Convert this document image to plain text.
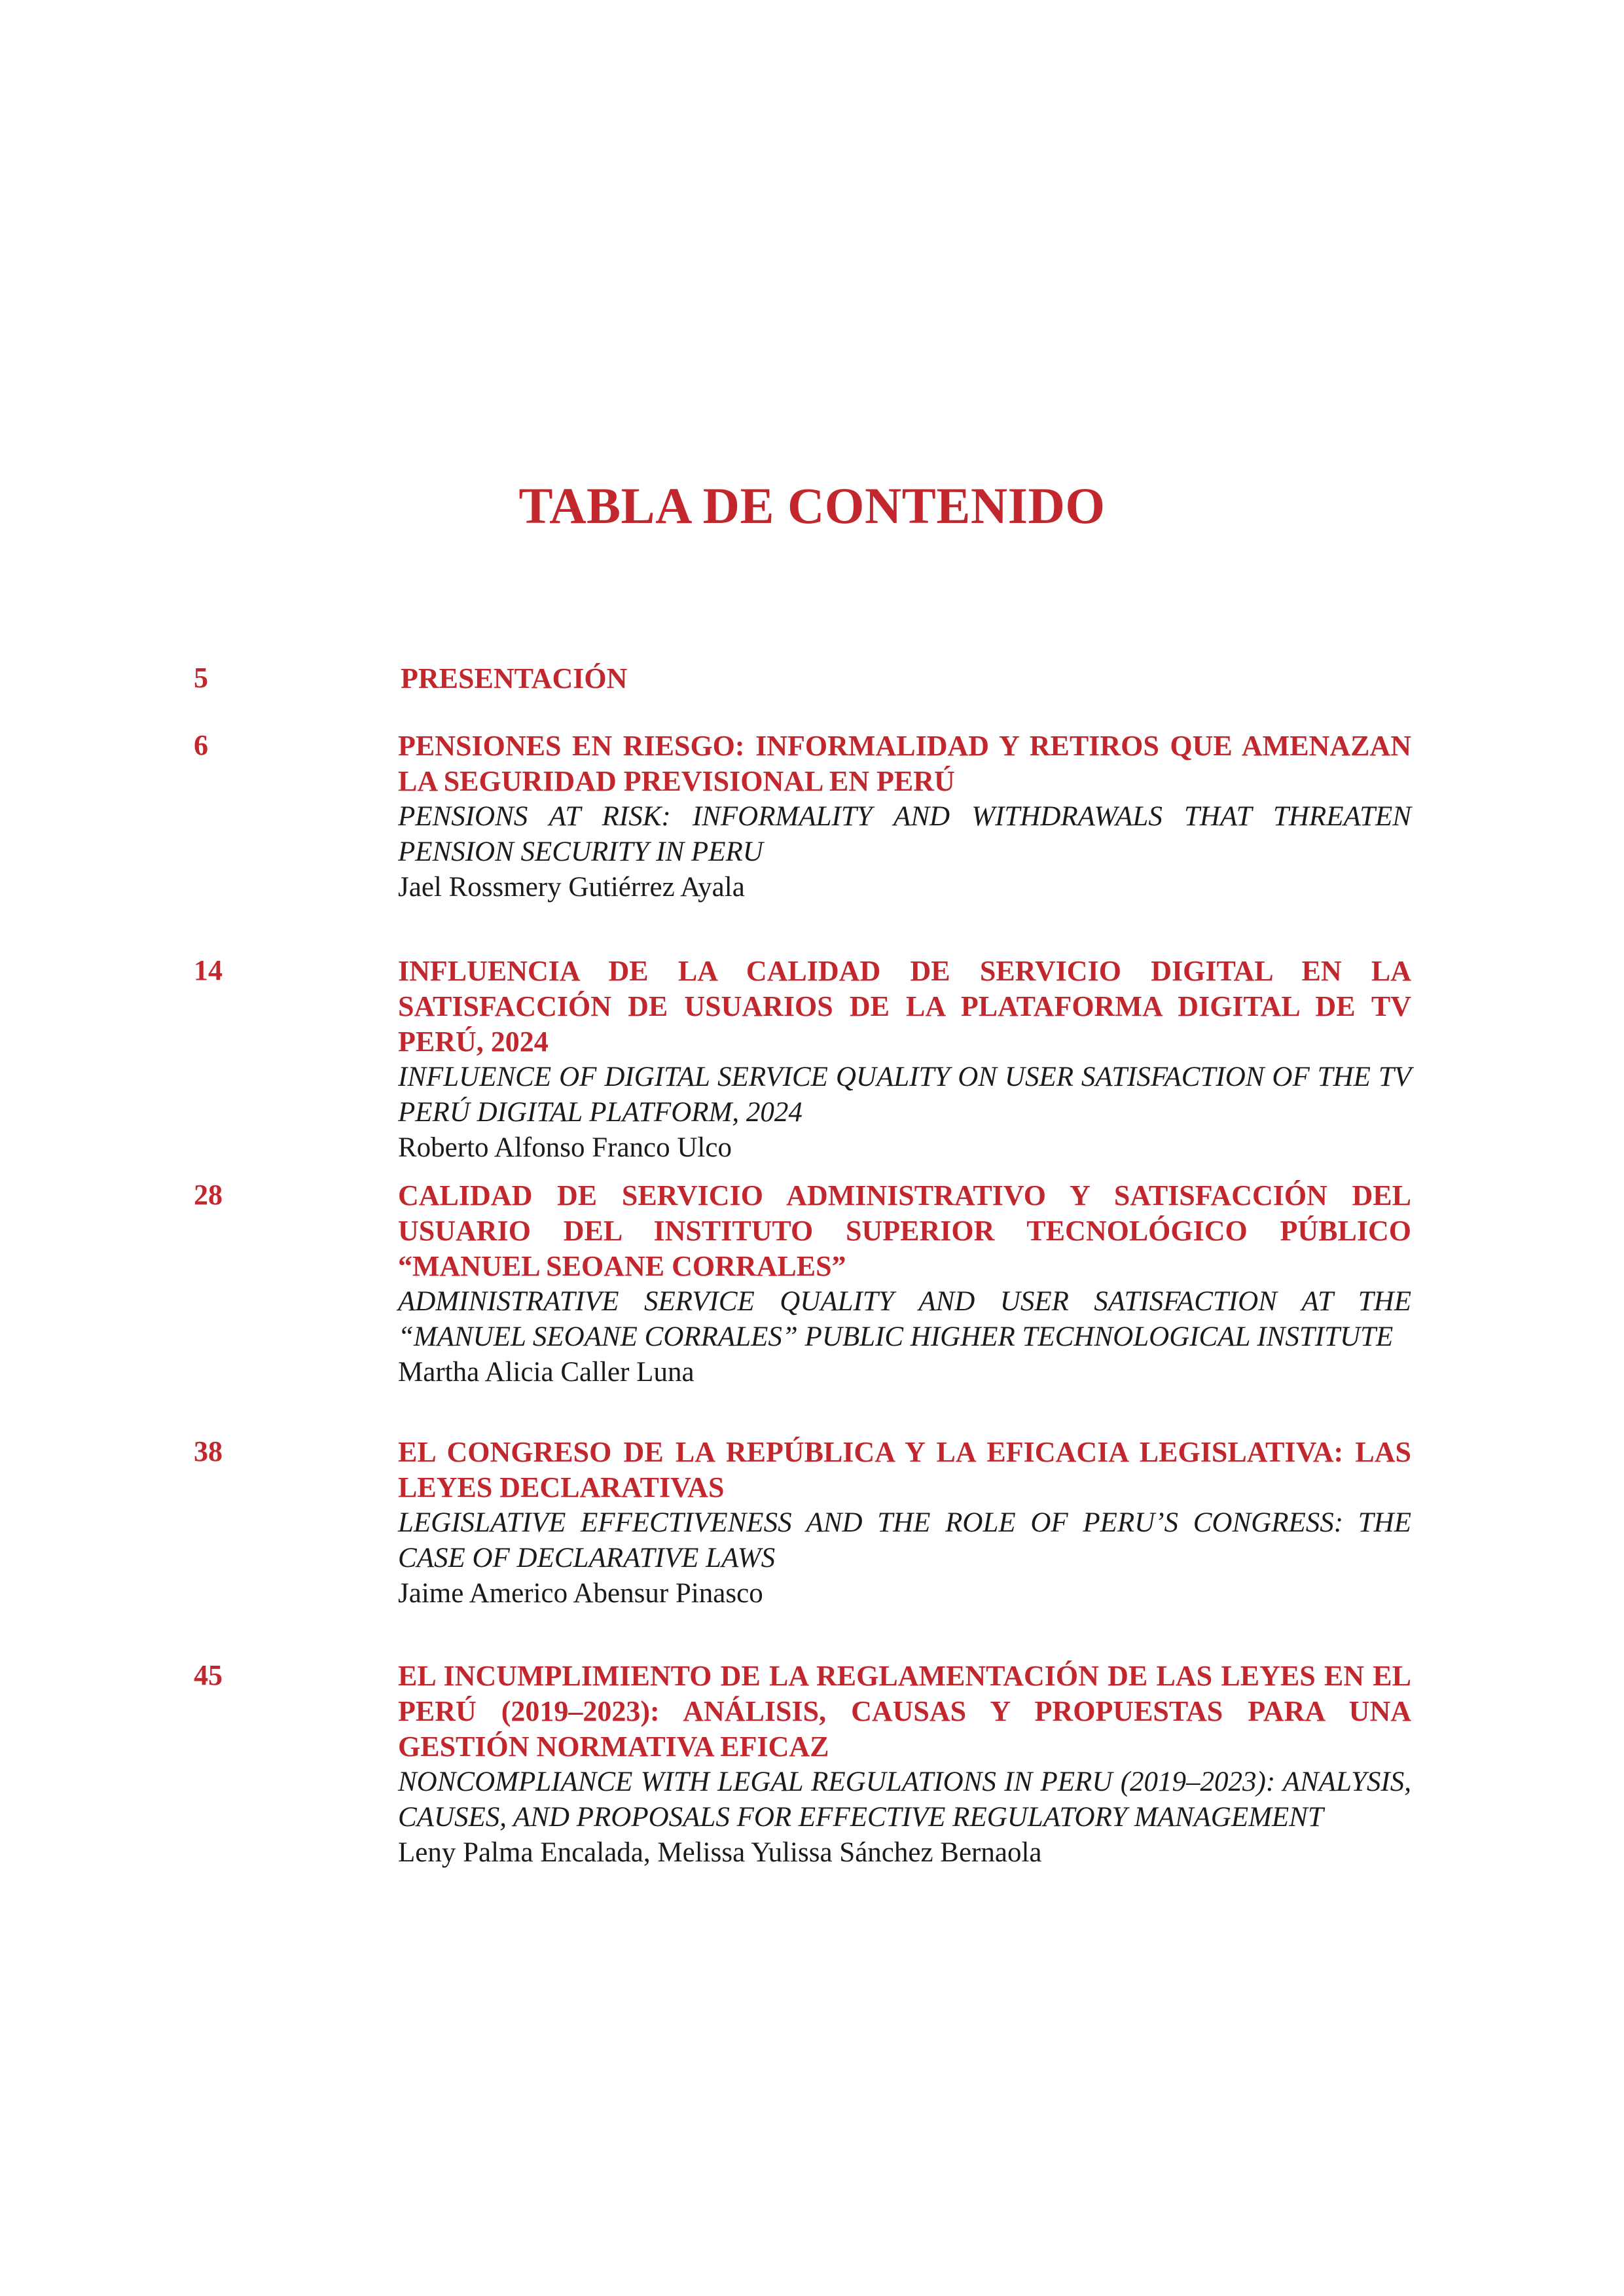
TABLA DE CONTENIDO
5	PRESENTACIÓN
6	PENSIONES EN RIESGO: INFORMALIDAD Y RETIROS QUE AMENAZAN LA SEGURIDAD PREVISIONAL EN PERÚ
PENSIONS AT RISK: INFORMALITY AND WITHDRAWALS THAT THREATEN PENSION SECURITY IN PERU
Jael Rossmery Gutiérrez Ayala
14	INFLUENCIA DE LA CALIDAD DE SERVICIO DIGITAL EN LA SATISFACCIÓN DE USUARIOS DE LA PLATAFORMA DIGITAL DE TV PERÚ, 2024
INFLUENCE OF DIGITAL SERVICE QUALITY ON USER SATISFACTION OF THE TV PERÚ DIGITAL PLATFORM, 2024
Roberto Alfonso Franco Ulco
28	CALIDAD DE SERVICIO ADMINISTRATIVO Y SATISFACCIÓN DEL USUARIO DEL INSTITUTO SUPERIOR TECNOLÓGICO PÚBLICO “MANUEL SEOANE CORRALES”
ADMINISTRATIVE SERVICE QUALITY AND USER SATISFACTION AT THE “MANUEL SEOANE CORRALES” PUBLIC HIGHER TECHNOLOGICAL INSTITUTE
Martha Alicia Caller Luna
38	EL CONGRESO DE LA REPÚBLICA Y LA EFICACIA LEGISLATIVA: LAS LEYES DECLARATIVAS
LEGISLATIVE EFFECTIVENESS AND THE ROLE OF PERU’S CONGRESS: THE CASE OF DECLARATIVE LAWS
Jaime Americo Abensur Pinasco
45	EL INCUMPLIMIENTO DE LA REGLAMENTACIÓN DE LAS LEYES EN EL PERÚ (2019–2023): ANÁLISIS, CAUSAS Y PROPUESTAS PARA UNA GESTIÓN NORMATIVA EFICAZ
NONCOMPLIANCE WITH LEGAL REGULATIONS IN PERU (2019–2023): ANALYSIS, CAUSES, AND PROPOSALS FOR EFFECTIVE REGULATORY MANAGEMENT
Leny Palma Encalada, Melissa Yulissa Sánchez Bernaola
